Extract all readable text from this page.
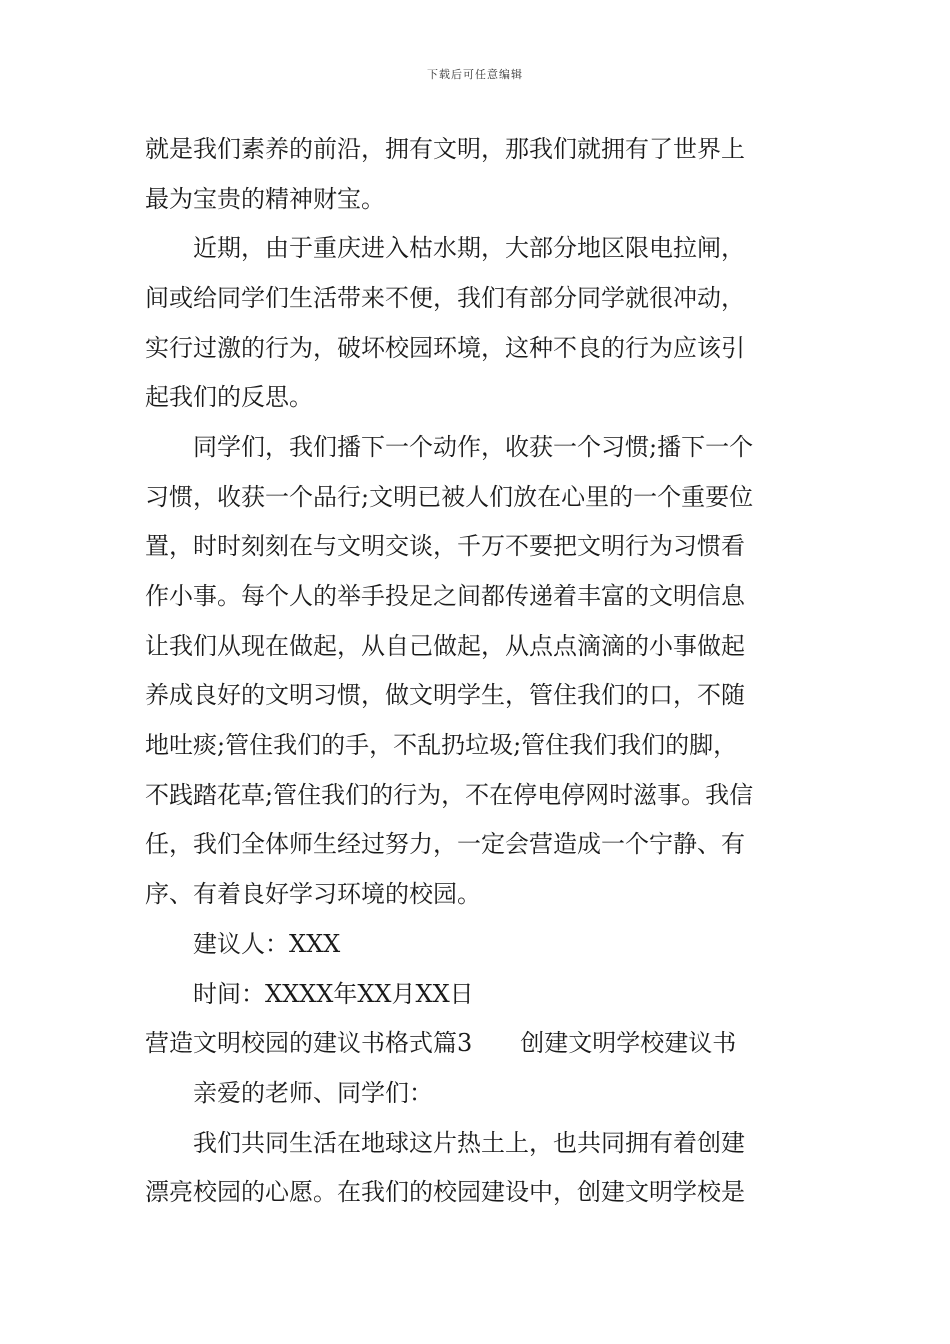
下载后可任意编辑
就是我们素养的前沿，拥有文明，那我们就拥有了世界上
最为宝贵的精神财宝。
近期，由于重庆进入枯水期，大部分地区限电拉闸，
间或给同学们生活带来不便，我们有部分同学就很冲动，
实行过激的行为，破坏校园环境，这种不良的行为应该引
起我们的反思。
同学们，我们播下一个动作，收获一个习惯;播下一个
习惯，收获一个品行;文明已被人们放在心里的一个重要位
置，时时刻刻在与文明交谈，千万不要把文明行为习惯看
作小事。每个人的举手投足之间都传递着丰富的文明信息
让我们从现在做起，从自己做起，从点点滴滴的小事做起
养成良好的文明习惯，做文明学生，管住我们的口，不随
地吐痰;管住我们的手，不乱扔垃圾;管住我们我们的脚，
不践踏花草;管住我们的行为，不在停电停网时滋事。我信
任，我们全体师生经过努力，一定会营造成一个宁静、有
序、有着良好学习环境的校园。
建议人：XXX
时间：XXXX年XX月XX日
营造文明校园的建议书格式篇3　　创建文明学校建议书
亲爱的老师、同学们：
我们共同生活在地球这片热土上，也共同拥有着创建
漂亮校园的心愿。在我们的校园建设中，创建文明学校是
